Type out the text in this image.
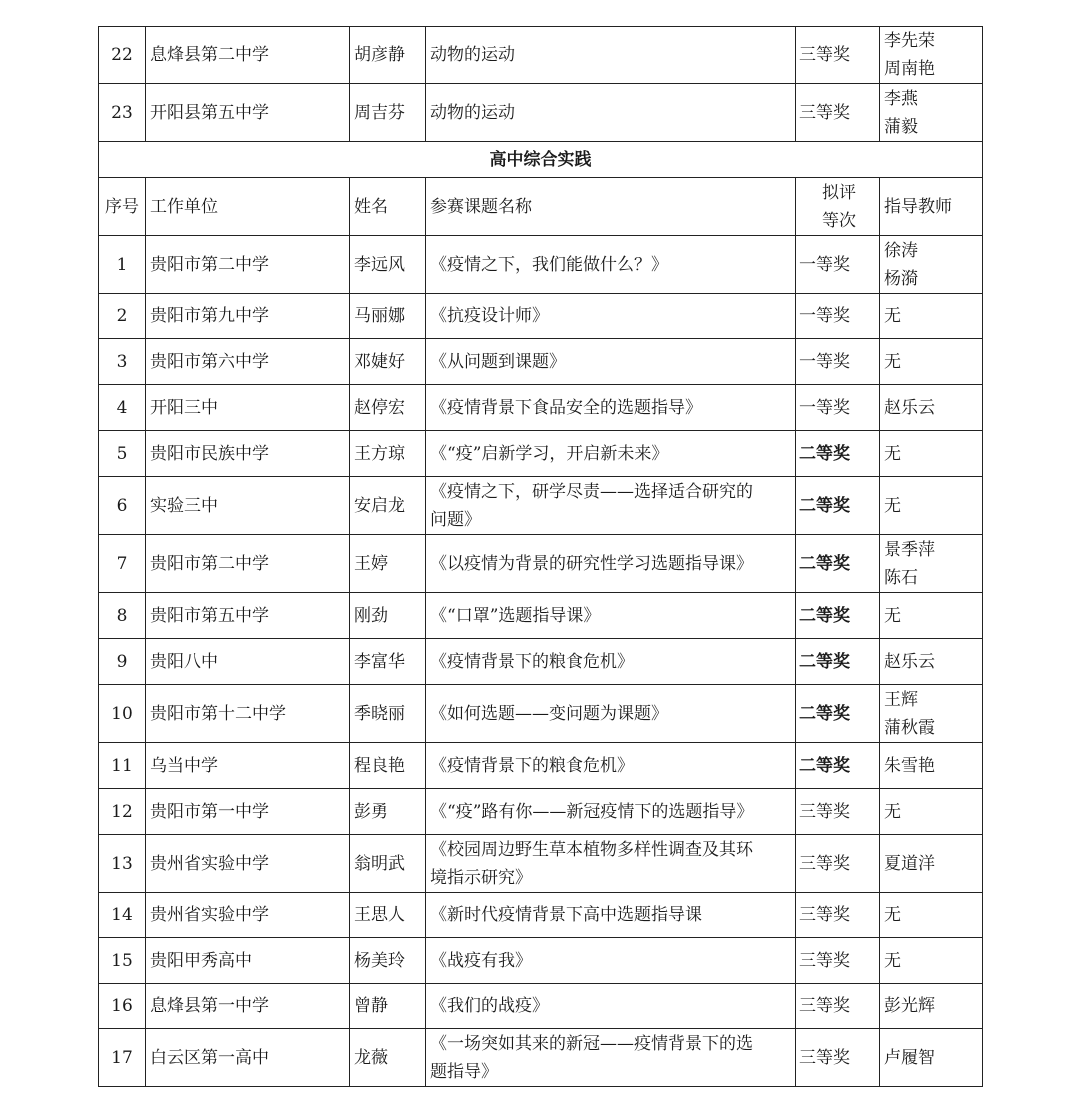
22	息烽县第二中学	胡彦静	动物的运动	三等奖	李先荣
周南艳

23	开阳县第五中学	周吉芬	动物的运动	三等奖	李燕
蒲毅

高中综合实践					
序号	工作单位	姓名	参赛课题名称	拟评
等次	指导教师
1	贵阳市第二中学	李远风	《疫情之下，我们能做什么？》	一等奖	徐涛
杨漪

2	贵阳市第九中学	马丽娜	《抗疫设计师》	一等奖	无

3	贵阳市第六中学	邓婕好	《从问题到课题》	一等奖	无

4	开阳三中	赵停宏	《疫情背景下食品安全的选题指导》	一等奖	赵乐云

5	贵阳市民族中学	王方琼	《“疫”启新学习，开启新未来》	二等奖	无

6	实验三中	安启龙	《疫情之下，研学尽责——选择适合研究的
问题》	二等奖	无

7	贵阳市第二中学	王婷	《以疫情为背景的研究性学习选题指导课》	二等奖	景季萍
陈石

8	贵阳市第五中学	刚劲	《“口罩”选题指导课》	二等奖	无

9	贵阳八中	李富华	《疫情背景下的粮食危机》	二等奖	赵乐云

10	贵阳市第十二中学	季晓丽	《如何选题——变问题为课题》	二等奖	王辉
蒲秋霞

11	乌当中学	程良艳	《疫情背景下的粮食危机》	二等奖	朱雪艳

12	贵阳市第一中学	彭勇	《“疫”路有你——新冠疫情下的选题指导》	三等奖	无

13	贵州省实验中学	翁明武	《校园周边野生草本植物多样性调查及其环
境指示研究》	三等奖	夏道洋

14	贵州省实验中学	王思人	《新时代疫情背景下高中选题指导课	三等奖	无

15	贵阳甲秀高中	杨美玲	《战疫有我》	三等奖	无

16	息烽县第一中学	曾静	《我们的战疫》	三等奖	彭光辉

17	白云区第一高中	龙薇	《一场突如其来的新冠——疫情背景下的选
题指导》	三等奖	卢履智
